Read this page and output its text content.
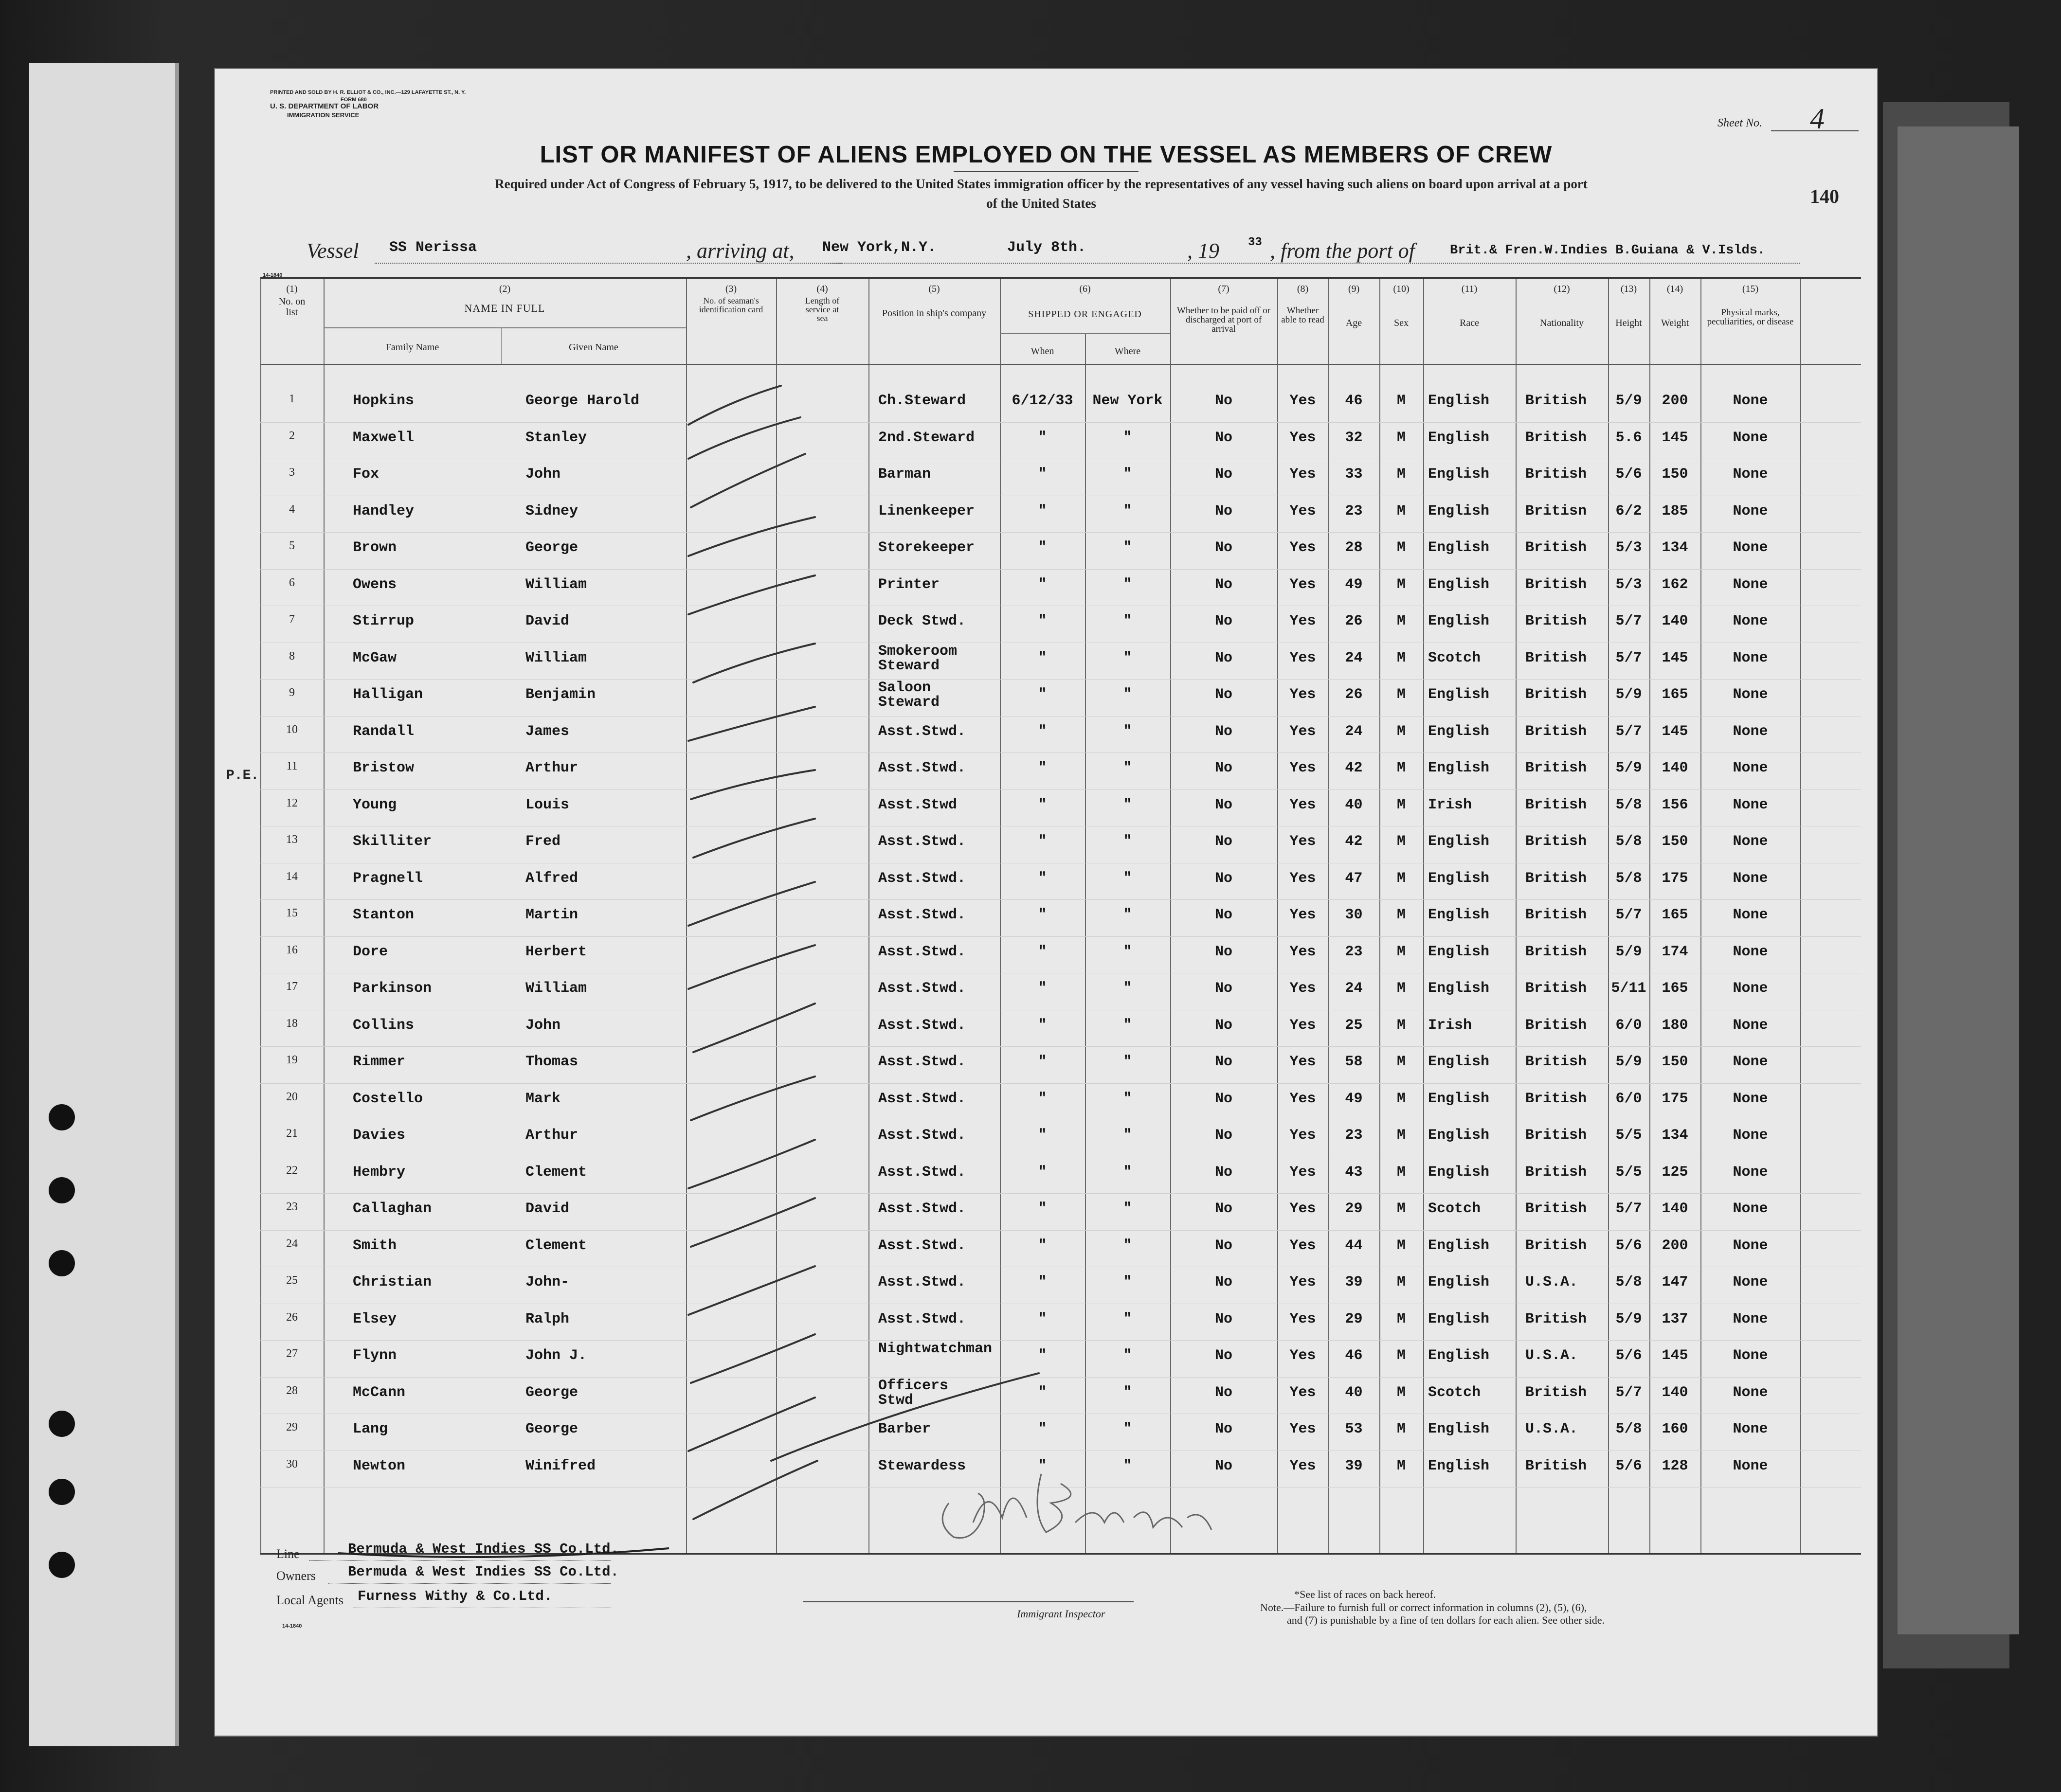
PRINTED AND SOLD BY H. R. ELLIOT & CO., INC.—129 LAFAYETTE ST., N. Y.
FORM 680
U. S. DEPARTMENT OF LABOR
IMMIGRATION SERVICE
Sheet No. 4
LIST OR MANIFEST OF ALIENS EMPLOYED ON THE VESSEL AS MEMBERS OF CREW
Required under Act of Congress of February 5, 1917, to be delivered to the United States immigration officer by the representatives of any vessel having such aliens on board upon arrival at a port
of the United States	140
Vessel SS Nerissa	, arriving at, New York,N.Y.	July 8th.	, 19 33 , from the port of	Brit.& Fren.W.Indies B.Guiana & V.Islds.
14-1840
(1)
No. on list
(2)
NAME IN FULL
Family Name	Given Name
(3)
No. of seaman's identification card
(4)
Length of service at sea
(5)
Position in ship's company
(6)
SHIPPED OR ENGAGED
When	Where
(7)
Whether to be paid off or discharged at port of arrival
(8)
Whether able to read
(9)
Age
(10)
Sex
(11)
Race
(12)
Nationality
(13)
Height
(14)
Weight
(15)
Physical marks, peculiarities, or disease
1	Hopkins	George Harold	Ch.Steward	6/12/33	New York	No	Yes	46	M	English British	5/9	200	None
2	Maxwell	Stanley	2nd.Steward	"	"	No	Yes	32	M	English British	5.6	145	None
3	Fox	John	Barman	"	"	No	Yes	33	M	English British	5/6	150	None
4	Handley	Sidney	Linenkeeper	"	"	No	Yes	23	M	English Britisn	6/2	185	None
5	Brown	George	Storekeeper	"	"	No	Yes	28	M	English British	5/3	134	None
6	Owens	William	Printer	"	"	No	Yes	49	M	English British	5/3	162	None
7	Stirrup	David	Deck Stwd.	"	"	No	Yes	26	M	English British	5/7	140	None
8	McGaw	William	Smokeroom Steward	"	"	No	Yes	24	M	Scotch	British	5/7	145	None
9	Halligan	Benjamin	Saloon Steward	"	"	No	Yes	26	M	English British	5/9	165	None
10	Randall	James	Asst.Stwd.	"	"	No	Yes	24	M	English British	5/7	145	None
11	Bristow	Arthur	Asst.Stwd.	"	"	No	Yes	42	M	English British	5/9	140	None
12	Young	Louis	Asst.Stwd	"	"	No	Yes	40	M	Irish	British	5/8	156	None
13	Skilliter	Fred	Asst.Stwd.	"	"	No	Yes	42	M	English British	5/8	150	None
14	Pragnell	Alfred	Asst.Stwd.	"	"	No	Yes	47	M	English British	5/8	175	None
15	Stanton	Martin	Asst.Stwd.	"	"	No	Yes	30	M	English British	5/7	165	None
16	Dore	Herbert	Asst.Stwd.	"	"	No	Yes	23	M	English British	5/9	174	None
17	Parkinson	William	Asst.Stwd.	"	"	No	Yes	24	M	English British 5/11	165	None
18	Collins	John	Asst.Stwd.	"	"	No	Yes	25	M	Irish	British	6/0	180	None
19	Rimmer	Thomas	Asst.Stwd.	"	"	No	Yes	58	M	English British	5/9	150	None
20	Costello	Mark	Asst.Stwd.	"	"	No	Yes	49	M	English British	6/0	175	None
21	Davies	Arthur	Asst.Stwd.	"	"	No	Yes	23	M	English British	5/5	134	None
22	Hembry	Clement	Asst.Stwd.	"	"	No	Yes	43	M	English British	5/5	125	None
23	Callaghan	David	Asst.Stwd.	"	"	No	Yes	29	M	Scotch	British	5/7	140	None
24	Smith	Clement	Asst.Stwd.	"	"	No	Yes	44	M	English British	5/6	200	None
25	Christian	John-	Asst.Stwd.	"	"	No	Yes	39	M	English U.S.A.	5/8	147	None
26	Elsey	Ralph	Asst.Stwd.	"	"	No	Yes	29	M	English British	5/9	137	None
27	Flynn	John J.	Nightwatchman	"	"	No	Yes	46	M	English U.S.A.	5/6	145	None
28	McCann	George	Officers Stwd	"	"	No	Yes	40	M	Scotch	British	5/7	140	None
29	Lang	George	Barber	"	"	No	Yes	53	M	English U.S.A.	5/8	160	None
30	Newton	Winifred	Stewardess	"	"	No	Yes	39	M	English British	5/6	128	None
P.E.
Line	Bermuda & West Indies SS Co.Ltd.
Owners Bermuda & West Indies SS Co.Ltd.
Local Agents Furness Withy & Co.Ltd.
14-1840
Immigrant Inspector
*See list of races on back hereof.
Note.—Failure to furnish full or correct information in columns (2), (5), (6),
and (7) is punishable by a fine of ten dollars for each alien. See other side.
